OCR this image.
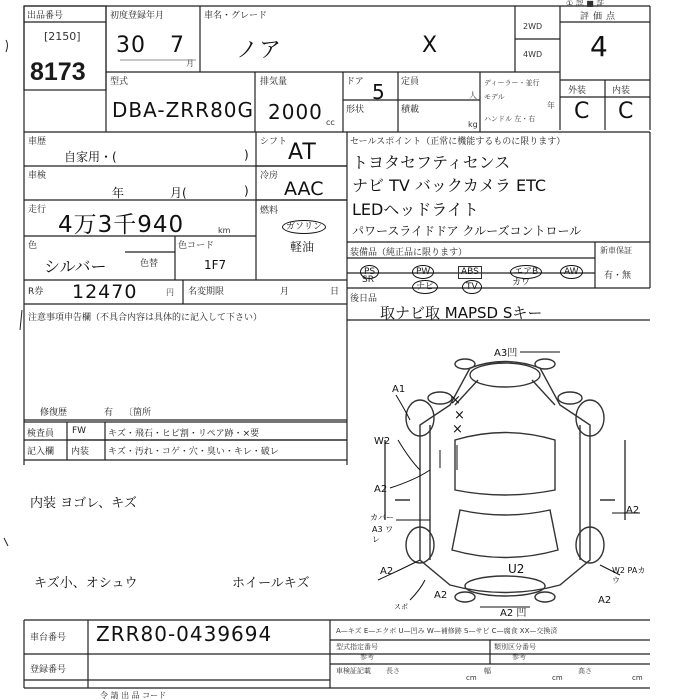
出品番号
[2150]
8173
初度登録年月
30 7
月
車名・グレード
ノア	X
2WD
4WD
① 認 ■ 証
評価点
4
型式
DBA-ZRR80G
排気量
2000 cc
ドア 5 定員
人
形状	積載
kg
ディーラー・並行
モデル
年
ハンドル 左・右
外装	内装
C C
車歴
自家用・(	)
車検
年	月(	)
走行
4万3千940	km
色
シルバー	色替
色コード
1F7
シフト AT
冷房
AAC
燃料
ガソリン
軽油
R券 12470	円 名変期限	月	日
注意事項申告欄（不具合内容は具体的に記入して下さい）
修復歴	有 〔箇所
検査員
記入欄
FW キズ・飛石・ヒビ割・リペア跡・×要
内装 キズ・汚れ・コゲ・穴・臭い・キレ・破レ
内装 ヨゴレ、キズ
キズ小、オシュウ	ホイールキズ
セールスポイント（正常に機能するものに限ります）
トヨタセフティセンス
ナビ TV バックカメラ ETC
LEDヘッドライト
パワースライドドア クルーズコントロール
装備品（純正品に限ります）	新車保証
有・無
PS	PW	ABS	エアB	AW
SR
ナビ	TV	カワ
後日品
取ナビ取 MAPSD Sキー
A3凹
A1
×
×
×
W2
A2
A2
カバー
A3 ワレ
A2
A2
U2	W2 PAカウ
A2
スポ
A2 凹
車台番号 ZRR80-0439694	A—キズ E—エクボ U—凹み W—補修跡 S—サビ C—腐食 XX—交換済
登録番号
型式指定番号
参考
類別区分番号
参考
車検証記載 長さ
cm
幅
cm
高さ
cm
令 請 出 品 コード
